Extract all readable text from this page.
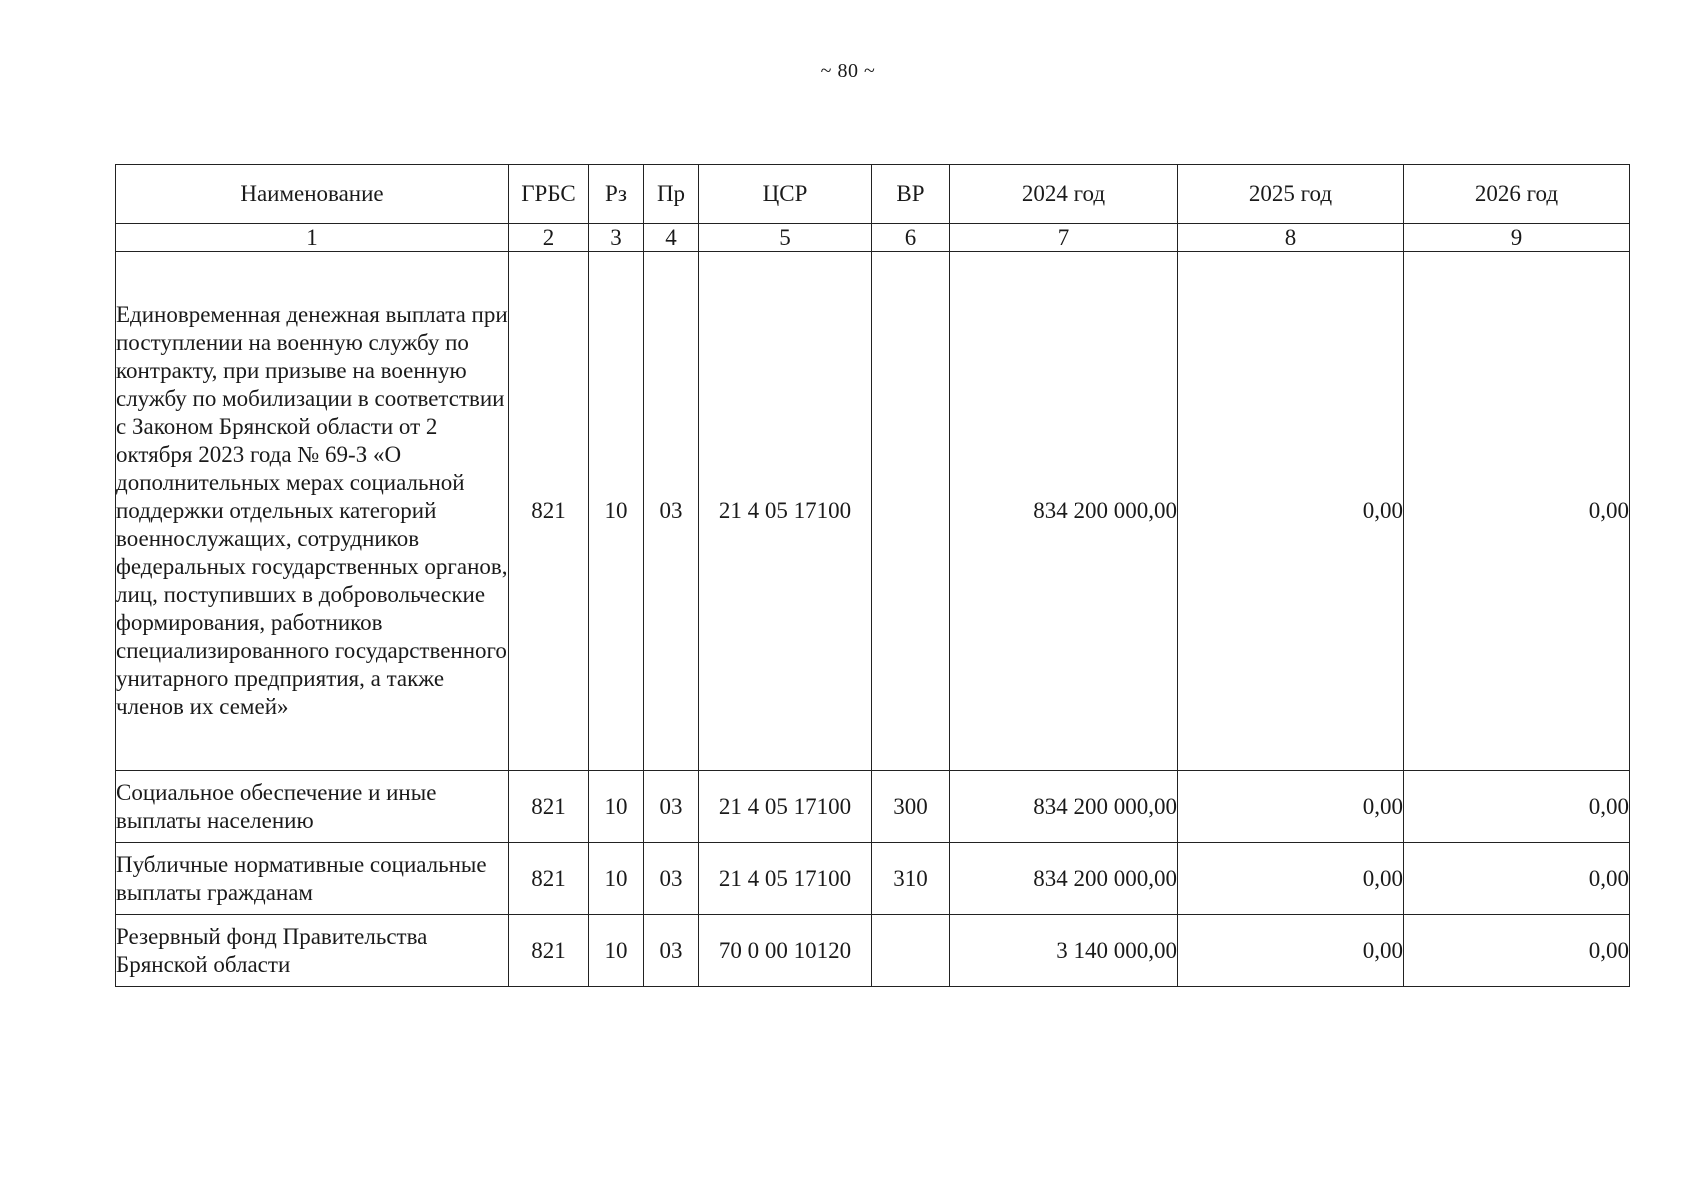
~ 80 ~
Наименование	ГРБС	Рз	Пр	ЦСР	ВР	2024 год	2025 год	2026 год
1	2	3	4	5	6	7	8	9
Единовременная денежная выплата при поступлении на военную службу по контракту, при призыве на военную службу по мобилизации в соответствии с Законом Брянской области от 2 октября 2023 года № 69-З «О дополнительных мерах социальной поддержки отдельных категорий военнослужащих, сотрудников федеральных государственных органов, лиц, поступивших в добровольческие формирования, работников специализированного государственного унитарного предприятия, а также членов их семей»	821	10	03	21 4 05 17100		834 200 000,00	0,00	0,00
Социальное обеспечение и иные выплаты населению	821	10	03	21 4 05 17100	300	834 200 000,00	0,00	0,00
Публичные нормативные социальные выплаты гражданам	821	10	03	21 4 05 17100	310	834 200 000,00	0,00	0,00
Резервный фонд Правительства Брянской области	821	10	03	70 0 00 10120		3 140 000,00	0,00	0,00
